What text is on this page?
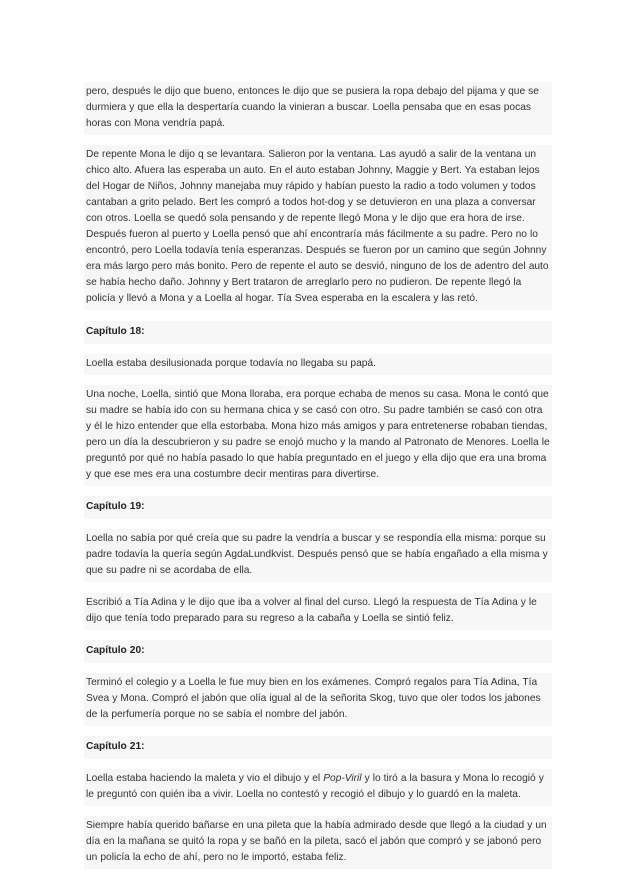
pero, después le dijo que bueno, entonces le dijo que se pusiera la ropa debajo del pijama y que se durmiera y que ella la despertaría cuando la vinieran a buscar. Loella pensaba que en esas pocas horas con Mona vendría papá.

De repente Mona le dijo q se levantara. Salieron por la ventana. Las ayudó a salir de la ventana un chico alto. Afuera las esperaba un auto. En el auto estaban Johnny, Maggie y Bert. Ya estaban lejos del Hogar de Niños, Johnny manejaba muy rápido y habían puesto la radio a todo volumen y todos cantaban a grito pelado. Bert les compró a todos hot-dog y se detuvieron en una plaza a conversar con otros. Loella se quedó sola pensando y de repente llegó Mona y le dijo que era hora de irse. Después fueron al puerto y Loella pensó que ahí encontraría más fácilmente a su padre. Pero no lo encontró, pero Loella todavía tenía esperanzas. Después se fueron por un camino que según Johnny era más largo pero más bonito. Pero de repente el auto se desvió, ninguno de los de adentro del auto se había hecho daño. Johnny y Bert trataron de arreglarlo pero no pudieron. De repente llegó la policía y llevó a Mona y a Loella al hogar. Tía Svea esperaba en la escalera y las retó.

Capítulo 18:

Loella estaba desilusionada porque todavía no llegaba su papá.

Una noche, Loella, sintió que Mona lloraba, era porque echaba de menos su casa. Mona le contó que su madre se había ido con su hermana chica y se casó con otro. Su padre también se casó con otra y él le hizo entender que ella estorbaba. Mona hizo más amigos y para entretenerse robaban tiendas, pero un día la descubrieron y su padre se enojó mucho y la mando al Patronato de Menores. Loella le preguntó por qué no había pasado lo que había preguntado en el juego y ella dijo que era una broma y que ese mes era una costumbre decir mentiras para divertirse.

Capítulo 19:

Loella no sabía por qué creía que su padre la vendría a buscar y se respondía ella misma: porque su padre todavía la quería según AgdaLundkvist. Después pensó que se había engañado a ella misma y que su padre ni se acordaba de ella.

Escribió a Tía Adina y le dijo que iba a volver al final del curso. Llegó la respuesta de Tía Adina y le dijo que tenía todo preparado para su regreso a la cabaña y Loella se sintió feliz.

Capítulo 20:

Terminó el colegio y a Loella le fue muy bien en los exámenes. Compró regalos para Tía Adina, Tía Svea y Mona. Compró el jabón que olía igual al de la señorita Skog, tuvo que oler todos los jabones de la perfumería porque no se sabía el nombre del jabón.

Capítulo 21:

Loella estaba haciendo la maleta y vio el dibujo y el Pop-Viril y lo tiró a la basura y Mona lo recogió y le preguntó con quién iba a vivir. Loella no contestó y recogió el dibujo y lo guardó en la maleta.

Siempre había querido bañarse en una pileta que la había admirado desde que llegó a la ciudad y un día en la mañana se quitó la ropa y se bañó en la pileta, sacó el jabón que compró y se jabonó pero un policía la echo de ahí, pero no le importó, estaba feliz.
